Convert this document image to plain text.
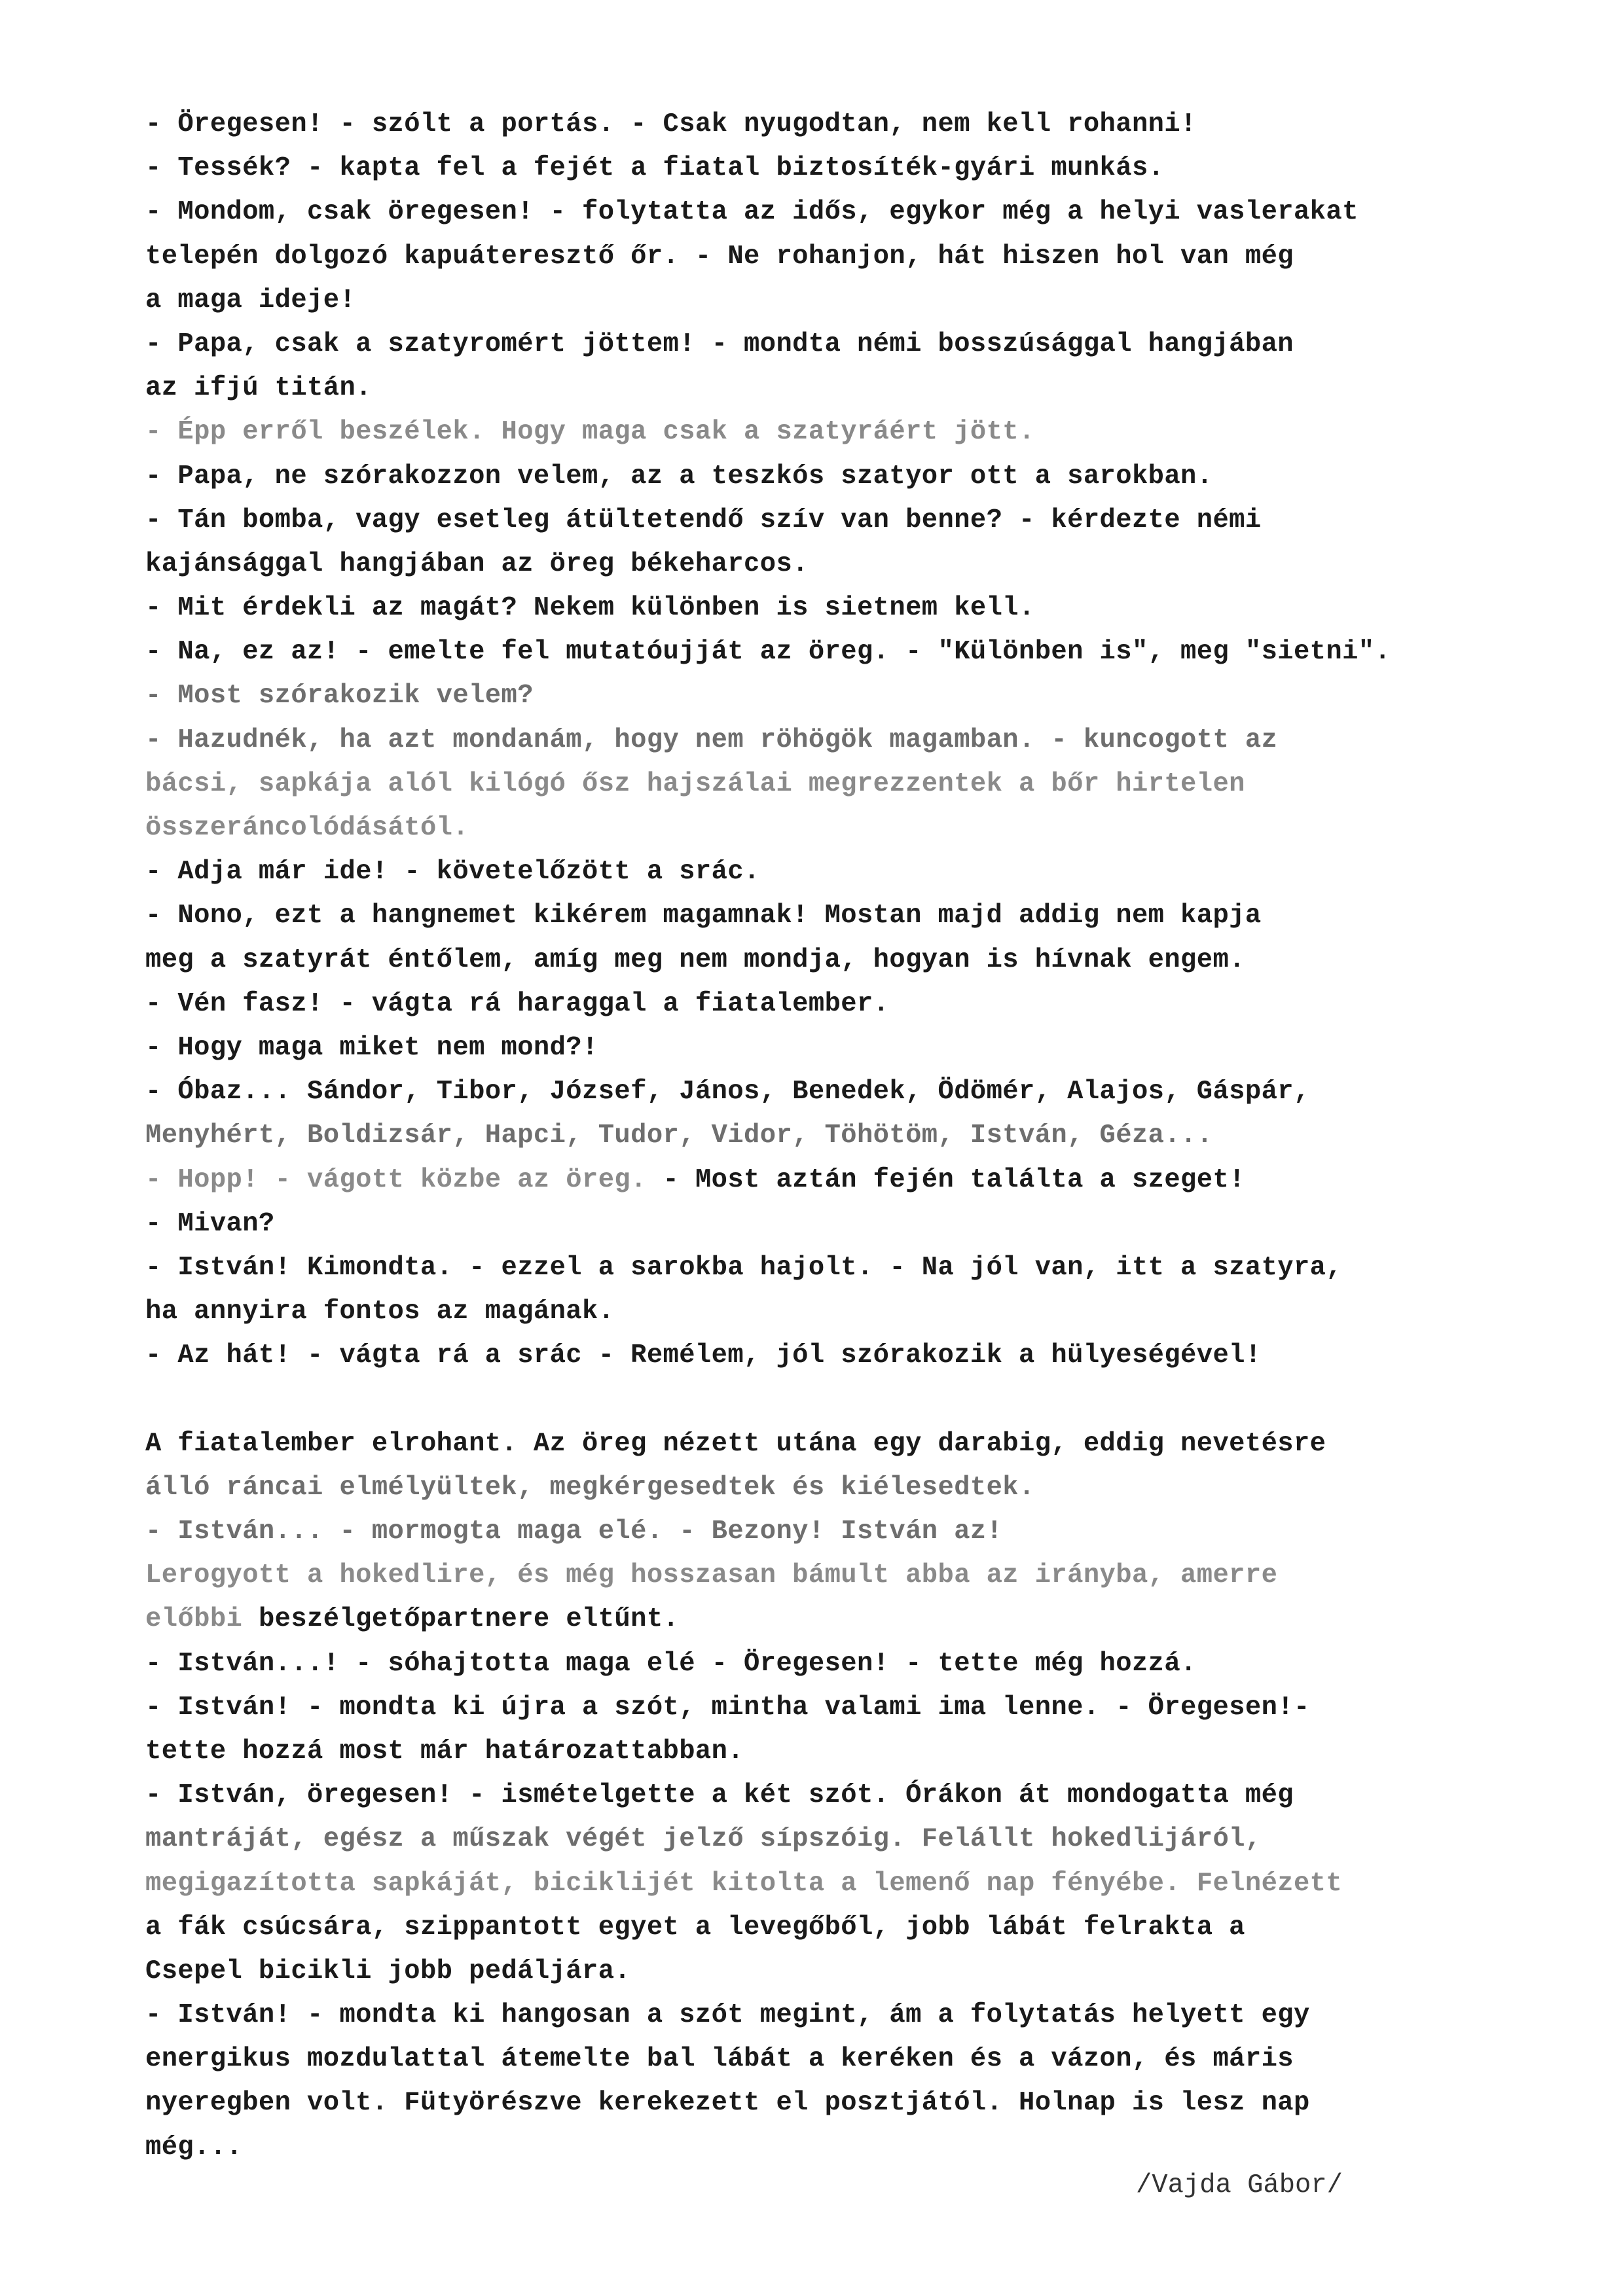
- Öregesen! - szólt a portás. - Csak nyugodtan, nem kell rohanni!
- Tessék? - kapta fel a fejét a fiatal biztosíték-gyári munkás.
- Mondom, csak öregesen! - folytatta az idős, egykor még a helyi vaslerakat
telepén dolgozó kapuáteresztő őr. - Ne rohanjon, hát hiszen hol van még
a maga ideje!
- Papa, csak a szatyromért jöttem! - mondta némi bosszúsággal hangjában
az ifjú titán.
- Épp erről beszélek. Hogy maga csak a szatyráért jött.
- Papa, ne szórakozzon velem, az a teszkós szatyor ott a sarokban.
- Tán bomba, vagy esetleg átültetendő szív van benne? - kérdezte némi
kajánsággal hangjában az öreg békeharcos.
- Mit érdekli az magát? Nekem különben is sietnem kell.
- Na, ez az! - emelte fel mutatóujját az öreg. - "Különben is", meg "sietni".
- Most szórakozik velem?
- Hazudnék, ha azt mondanám, hogy nem röhögök magamban. - kuncogott az
bácsi, sapkája alól kilógó ősz hajszálai megrezzentek a bőr hirtelen
összeráncolódásától.
- Adja már ide! - követelőzött a srác.
- Nono, ezt a hangnemet kikérem magamnak! Mostan majd addig nem kapja
meg a szatyrát éntőlem, amíg meg nem mondja, hogyan is hívnak engem.
- Vén fasz! - vágta rá haraggal a fiatalember.
- Hogy maga miket nem mond?!
- Óbaz... Sándor, Tibor, József, János, Benedek, Ödömér, Alajos, Gáspár,
Menyhért, Boldizsár, Hapci, Tudor, Vidor, Töhötöm, István, Géza...
- Hopp! - vágott közbe az öreg. - Most aztán fején találta a szeget!
- Mivan?
- István! Kimondta. - ezzel a sarokba hajolt. - Na jól van, itt a szatyra,
ha annyira fontos az magának.
- Az hát! - vágta rá a srác - Remélem, jól szórakozik a hülyeségével!
A fiatalember elrohant. Az öreg nézett utána egy darabig, eddig nevetésre
álló ráncai elmélyültek, megkérgesedtek és kiélesedtek.
- István... - mormogta maga elé. - Bezony! István az!
Lerogyott a hokedlire, és még hosszasan bámult abba az irányba, amerre
előbbi beszélgetőpartnere eltűnt.
- István...! - sóhajtotta maga elé - Öregesen! - tette még hozzá.
- István! - mondta ki újra a szót, mintha valami ima lenne. - Öregesen!-
tette hozzá most már határozattabban.
- István, öregesen! - ismételgette a két szót. Órákon át mondogatta még
mantráját, egész a műszak végét jelző sípszóig. Felállt hokedlijáról,
megigazította sapkáját, biciklijét kitolta a lemenő nap fényébe. Felnézett
a fák csúcsára, szippantott egyet a levegőből, jobb lábát felrakta a
Csepel bicikli jobb pedáljára.
- István! - mondta ki hangosan a szót megint, ám a folytatás helyett egy
energikus mozdulattal átemelte bal lábát a keréken és a vázon, és máris
nyeregben volt. Fütyörészve kerekezett el posztjától. Holnap is lesz nap
még...
/Vajda Gábor/
